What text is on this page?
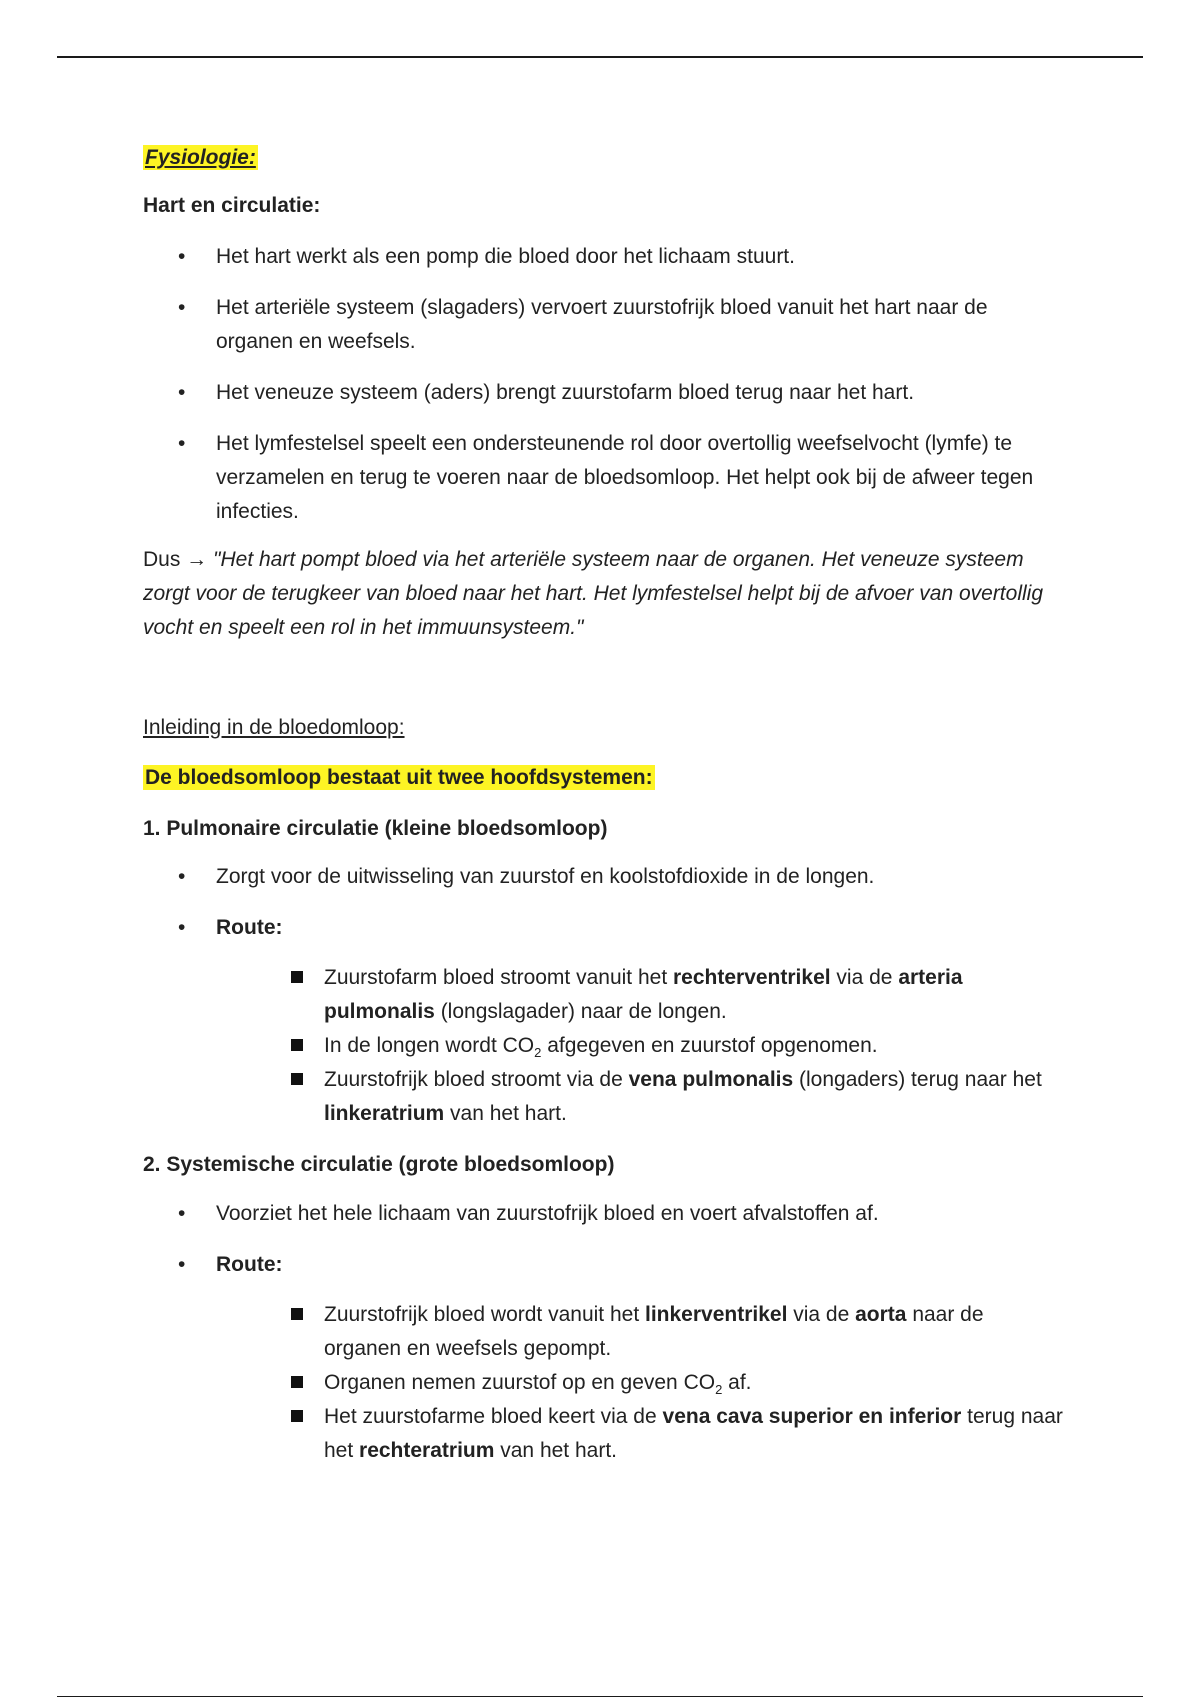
Fysiologie:
Hart en circulatie:
• Het hart werkt als een pomp die bloed door het lichaam stuurt.
• Het arteriële systeem (slagaders) vervoert zuurstofrijk bloed vanuit het hart naar de organen en weefsels.
• Het veneuze systeem (aders) brengt zuurstofarm bloed terug naar het hart.
• Het lymfestelsel speelt een ondersteunende rol door overtollig weefselvocht (lymfe) te verzamelen en terug te voeren naar de bloedsomloop. Het helpt ook bij de afweer tegen infecties.

Dus → "Het hart pompt bloed via het arteriële systeem naar de organen. Het veneuze systeem zorgt voor de terugkeer van bloed naar het hart. Het lymfestelsel helpt bij de afvoer van overtollig vocht en speelt een rol in het immuunsysteem."

Inleiding in de bloedomloop:
De bloedsomloop bestaat uit twee hoofdsystemen:
1. Pulmonaire circulatie (kleine bloedsomloop)
• Zorgt voor de uitwisseling van zuurstof en koolstofdioxide in de longen.
• Route:
Zuurstofarm bloed stroomt vanuit het rechterventrikel via de arteria pulmonalis (longslagader) naar de longen.
In de longen wordt $CO_2$ afgegeven en zuurstof opgenomen.
Zuurstofrijk bloed stroomt via de vena pulmonalis (longaders) terug naar het linkeratrium van het hart.
2. Systemische circulatie (grote bloedsomloop)
• Voorziet het hele lichaam van zuurstofrijk bloed en voert afvalstoffen af.
• Route:
Zuurstofrijk bloed wordt vanuit het linkerventrikel via de aorta naar de organen en weefsels gepompt.
Organen nemen zuurstof op en geven $CO_2$ af.
Het zuurstofarme bloed keert via de vena cava superior en inferior terug naar het rechteratrium van het hart.
